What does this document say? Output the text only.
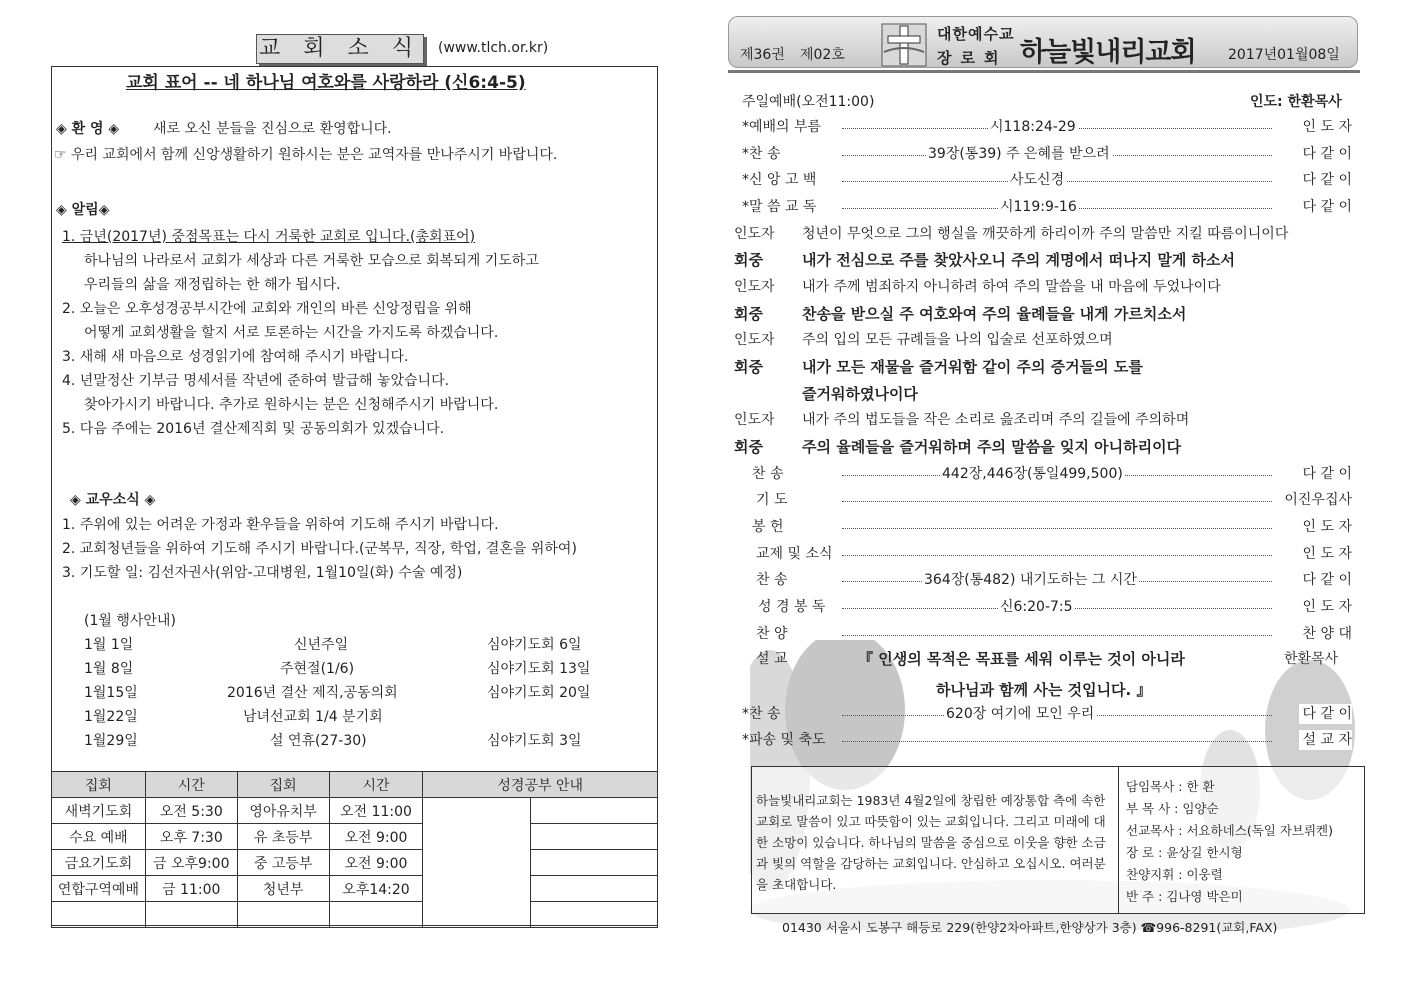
교 회 소 식 (www.tlch.or.kr)
교회 표어 -- 네 하나님 여호와를 사랑하라 (신6:4-5)
◈ 환 영 ◈ 새로 오신 분들을 진심으로 환영합니다.
☞ 우리 교회에서 함께 신앙생활하기 원하시는 분은 교역자를 만나주시기 바랍니다.
◈ 알림◈
1. 금년(2017년) 중점목표는 다시 거룩한 교회로 입니다.(총회표어)
하나님의 나라로서 교회가 세상과 다른 거룩한 모습으로 회복되게 기도하고
우리들의 삶을 재정립하는 한 해가 됩시다.
2. 오늘은 오후성경공부시간에 교회와 개인의 바른 신앙정립을 위해
어떻게 교회생활을 할지 서로 토론하는 시간을 가지도록 하겠습니다.
3. 새해 새 마음으로 성경읽기에 참여해 주시기 바랍니다.
4. 년말정산 기부금 명세서를 작년에 준하여 발급해 놓았습니다.
찾아가시기 바랍니다. 추가로 원하시는 분은 신청해주시기 바랍니다.
5. 다음 주에는 2016년 결산제직회 및 공동의회가 있겠습니다.
◈ 교우소식 ◈
1. 주위에 있는 어려운 가정과 환우들을 위하여 기도해 주시기 바랍니다.
2. 교회청년들을 위하여 기도해 주시기 바랍니다.(군복무, 직장, 학업, 결혼을 위하여)
3. 기도할 일: 김선자권사(위암-고대병원, 1월10일(화) 수술 예정)
(1월 행사안내)
1월 1일	신년주일	심야기도회 6일
1월 8일	주현절(1/6)	심야기도회 13일
1월15일	2016년 결산 제직,공동의회	심야기도회 20일
1월22일	남녀선교회 1/4 분기회
1월29일	설 연휴(27-30)	심야기도회 3일
집회	시간	집회	시간	성경공부 안내	
새벽기도회	오전 5:30	영아유치부	오전 11:00		
수요 예배	오후 7:30	유 초등부	오전 9:00		
금요기도회	금 오후9:00	중 고등부	오전 9:00		
연합구역예배	금 11:00	청년부	오후14:20		

제36권 제02호
대한예수교
장로회 하늘빛내리교회 2017년01월08일
주일예배(오전11:00)	인도: 한환목사
*예배의 부름	시118:24-29	인 도 자
*찬 송	39장(통39) 주 은혜를 받으려	다 같 이
*신 앙 고 백	사도신경	다 같 이
*말 씀 교 독	시119:9-16	다 같 이
인도자 청년이 무엇으로 그의 행실을 깨끗하게 하리이까 주의 말씀만 지킬 따름이니이다
회중	내가 전심으로 주를 찾았사오니 주의 계명에서 떠나지 말게 하소서
인도자 내가 주께 범죄하지 아니하려 하여 주의 말씀을 내 마음에 두었나이다
회중	찬송을 받으실 주 여호와여 주의 율례들을 내게 가르치소서
인도자 주의 입의 모든 규례들을 나의 입술로 선포하였으며
회중	내가 모든 재물을 즐거워함 같이 주의 증거들의 도를
즐거워하였나이다
인도자 내가 주의 법도들을 작은 소리로 읊조리며 주의 길들에 주의하며
회중	주의 율례들을 즐거워하며 주의 말씀을 잊지 아니하리이다
찬 송	442장,446장(통일499,500)	다 같 이
기 도	이진우집사
봉 헌	인 도 자
교제 및 소식	인 도 자
찬 송	364장(통482) 내기도하는 그 시간	다 같 이
성 경 봉 독	신6:20-7:5	인 도 자
찬 양	찬 양 대
설 교	『 인생의 목적은 목표를 세워 이루는 것이 아니라	한환목사
하나님과 함께 사는 것입니다. 』
*찬 송	620장 여기에 모인 우리	다 같 이
*파송 및 축도	설 교 자
하늘빛내리교회는 1983년 4월2일에 창립한 예장통합 측에 속한 교회로 말씀이 있고 따뜻함이 있는 교회입니다. 그리고 미래에 대한 소망이 있습니다. 하나님의 말씀을 중심으로 이웃을 향한 소금과 빛의 역할을 감당하는 교회입니다. 안심하고 오십시오. 여러분을 초대합니다.
담임목사 : 한 환
부 목 사 : 임양순
선교목사 : 서요하네스(독일 자브뤼켄)
장 로 : 윤상길 한시형
찬양지휘 : 이웅렬
반 주 : 김나영 박은미
01430 서울시 도봉구 해등로 229(한양2차아파트,한양상가 3층) ☎996-8291(교회,FAX)
